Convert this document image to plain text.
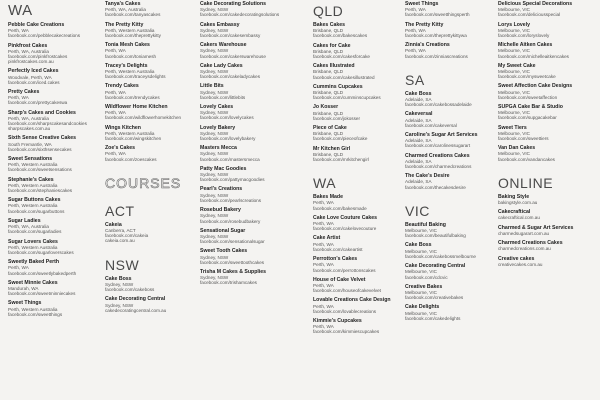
WA
Pebble Cake Creations
Perth, WA
facebook.com/pebblecakecreations
Pinkfrost Cakes
Perth, WA, Australia
facebook.com/pinkfrostcakes
pinkfrostcakes.com.au
Perfectly Iced Cakes
Woodvale, Perth, WA
facebook.com/iced.cakes
Pretty Cakes
Perth, WA
facebook.com/prettycakeswa
Sharp's Cakes and Cookies
Perth, WA, Australia
facebook.com/sharpscakesandcookies
sharpscakes.com.au
Sixth Sense Creative Cakes
South Fremantle, WA
facebook.com/sixthsensecakes
Sweet Sensations
Perth, Western Australia
facebook.com/sweetsensations
Stephanie's Cakes
Perth, Western Australia
facebook.com/stephaniescakes
Sugar Buttons Cakes
Perth, Western Australia
facebook.com/sugarbuttons
Sugar Ladies
Perth, WA, Australia
facebook.com/sugarladies
Sugar Lovers Cakes
Perth, Western Australia
facebook.com/sugarloverscakes
Sweetly Baked Perth
Perth, WA
facebook.com/sweetlybakedperth
Sweet Minnie Cakes
Mandurah, WA
facebook.com/sweetminniecakes
Sweet Things
Perth, Western Australia
facebook.com/sweetthings
Tanya's Cakes
Perth, WA, Australia
facebook.com/tanyascakes
The Pretty Kitty
Perth, Western Australia
facebook.com/theprettykitty
Tonia Mesh Cakes
Perth, WA
facebook.com/toniamesh
Tracey's Delights
Perth, Western Australia
facebook.com/traceysdelights
Trendy Cakes
Perth, WA
facebook.com/trendycakes
Wildflower Home Kitchen
Perth, WA
facebook.com/wildflowerhomekitchen
Wings Kitchen
Perth, Western Australia
facebook.com/wingskitchen
Zoe's Cakes
Perth, WA
facebook.com/zoescakes
COURSES
ACT
Cakeia
Canberra, ACT
facebook.com/cakeia
cakeia.com.au
NSW
Cake Boss
Sydney, NSW
facebook.com/cakeboss
Cake Decorating Central
Sydney, NSW
cakedecoratingcentral.com.au
Cake Decorating Solutions
Sydney, NSW
facebook.com/cakedecoratingsolutions
Cakes Embassy
Sydney, NSW
facebook.com/cakesembassy
Cakers Warehouse
Sydney, NSW
facebook.com/cakerswarehouse
Cake Lady Cakes
Sydney, NSW
facebook.com/cakeladycakes
Little Bits
Sydney, NSW
facebook.com/littlebits
Lovely Cakes
Sydney, NSW
facebook.com/lovelycakes
Lovely Bakery
Sydney, NSW
facebook.com/lovelybakery
Masters Mecca
Sydney, NSW
facebook.com/mastersmecca
Patty Mac Goodies
Sydney, NSW
facebook.com/pattymacgoodies
Pearl's Creations
Sydney, NSW
facebook.com/pearlscreations
Rosebud Bakery
Sydney, NSW
facebook.com/rosebudbakery
Sensational Sugar
Sydney, NSW
facebook.com/sensationalsugar
Sweet Tooth Cakes
Sydney, NSW
facebook.com/sweettoothcakes
Trisha M Cakes & Supplies
Sydney, NSW
facebook.com/trishamcakes
QLD
Bakes Cakes
Brisbane, QLD
facebook.com/bakescakes
Cakes for Cake
Brisbane, QLD
facebook.com/cakesforcake
Cakes Illustrated
Brisbane, QLD
facebook.com/cakesillustrated
Cummins Cupcakes
Brisbane, QLD
facebook.com/cumminscupcakes
Jo Kosser
Brisbane, QLD
facebook.com/jokosser
Piece of Cake
Brisbane, QLD
facebook.com/pieceofcake
Mr Kitchen Girl
Brisbane, QLD
facebook.com/mrkitchengirl
WA
Bakes Made
Perth, WA
facebook.com/bakesmade
Cake Love Couture Cakes
Perth, WA
facebook.com/cakelovecouture
Cake Artist
Perth, WA
facebook.com/cakeartist
Perrotton's Cakes
Perth, WA
facebook.com/perrottonscakes
House of Cake Velvet
Perth, WA
facebook.com/houseofcakevelvet
Lovable Creations Cake Design
Perth, WA
facebook.com/lovablecreations
Kimmie's Cupcakes
Perth, WA
facebook.com/kimmiescupcakes
Sweet Things
Perth, WA
facebook.com/sweetthingsperth
The Pretty Kitty
Perth, WA
facebook.com/theprettykittywa
Zinnia's Creations
Perth, WA
facebook.com/zinniascreations
SA
Cake Boss
Adelaide, SA
facebook.com/cakebossadelaide
Cakeversal
Adelaide, SA
facebook.com/cakeversal
Caroline's Sugar Art Services
Adelaide, SA
facebook.com/carolinessugarart
Charmed Creations Cakes
Adelaide, SA
facebook.com/charmedcreations
The Cake's Desire
Adelaide, SA
facebook.com/thecakesdesire
VIC
Beautiful Baking
Melbourne, VIC
facebook.com/beautifulbaking
Cake Boss
Melbourne, VIC
facebook.com/cakebossmelbourne
Cake Decorating Central
Melbourne, VIC
facebook.com/cdcvic
Creative Bakes
Melbourne, VIC
facebook.com/creativebakes
Cake Delights
Melbourne, VIC
facebook.com/cakedelights
Delicious Special Decorations
Melbourne, VIC
facebook.com/deliciousspecial
Lorys Lovely
Melbourne, VIC
facebook.com/loryslovely
Michelle Aitken Cakes
Melbourne, VIC
facebook.com/michelleaitkencakes
My Sweet Cake
Melbourne, VIC
facebook.com/mysweetcake
Sweet Affection Cake Designs
Melbourne, VIC
facebook.com/sweetaffection
SUPGA Cake Bar & Studio
Melbourne, VIC
facebook.com/supgacakebar
Sweet Tiers
Melbourne, VIC
facebook.com/sweettiers
Van Dan Cakes
Melbourne, VIC
facebook.com/vandancakes
ONLINE
Baking Style
bakingstyle.com.au
Cakecraftical
cakecraftical.com.au
Charmed & Sugar Art Services
charmedsugarart.com.au
Charmed Creations Cakes
charmedcreations.com.au
Creative cakes
creativecakes.com.au
